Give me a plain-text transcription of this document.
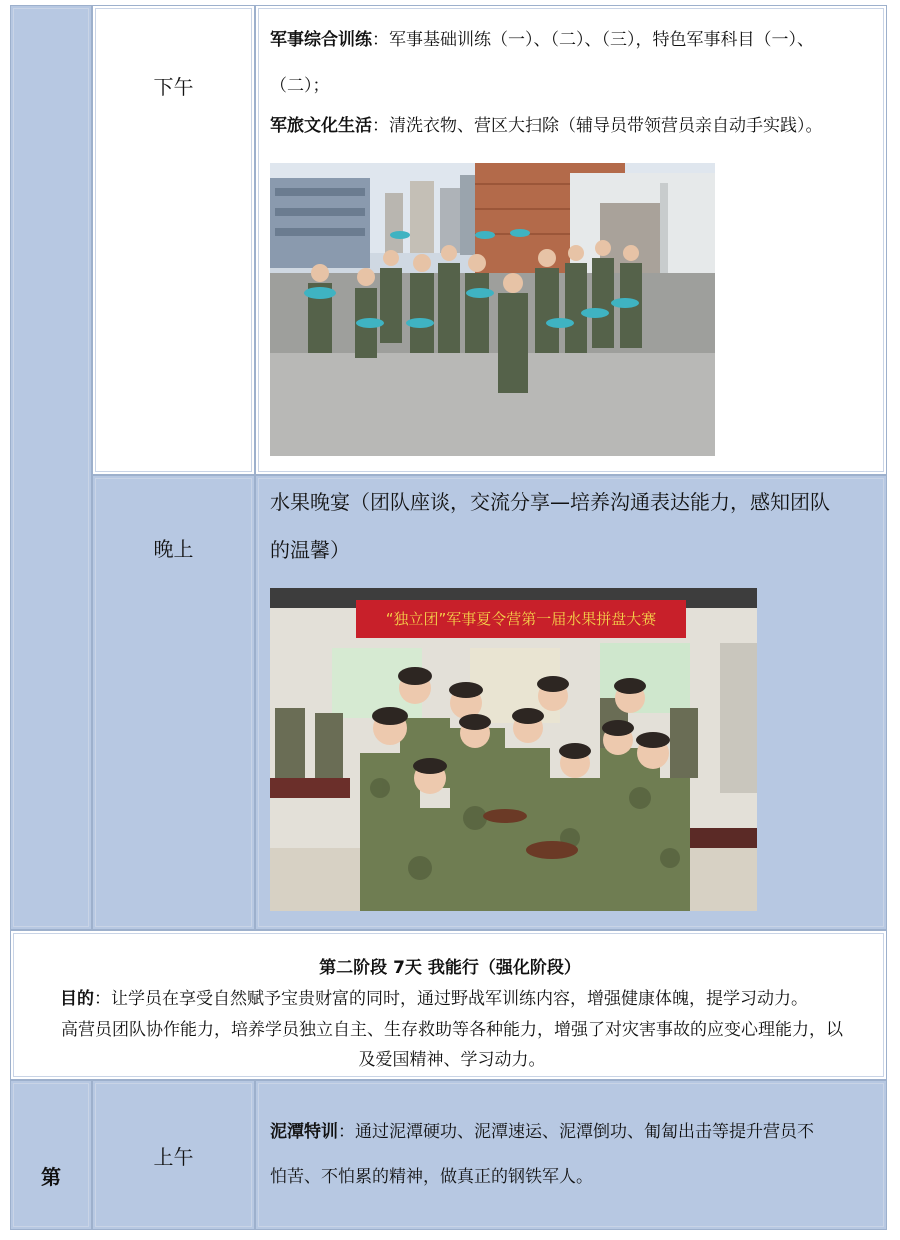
下午
军事综合训练：军事基础训练（一）、（二）、（三），特色军事科目（一）、
（二）；
军旅文化生活：清洗衣物、营区大扫除（辅导员带领营员亲自动手实践）。
晚上
水果晚宴（团队座谈，交流分享—培养沟通表达能力，感知团队
的温馨）
“独立团”军事夏令营第一届水果拼盘大赛
第二阶段 7天 我能行（强化阶段）
目的：让学员在享受自然赋予宝贵财富的同时，通过野战军训练内容，增强健康体魄，提学习动力。
高营员团队协作能力，培养学员独立自主、生存救助等各种能力，增强了对灾害事故的应变心理能力，以
及爱国精神、学习动力。
第
上午
泥潭特训：通过泥潭硬功、泥潭速运、泥潭倒功、匍匐出击等提升营员不
怕苦、不怕累的精神，做真正的钢铁军人。
